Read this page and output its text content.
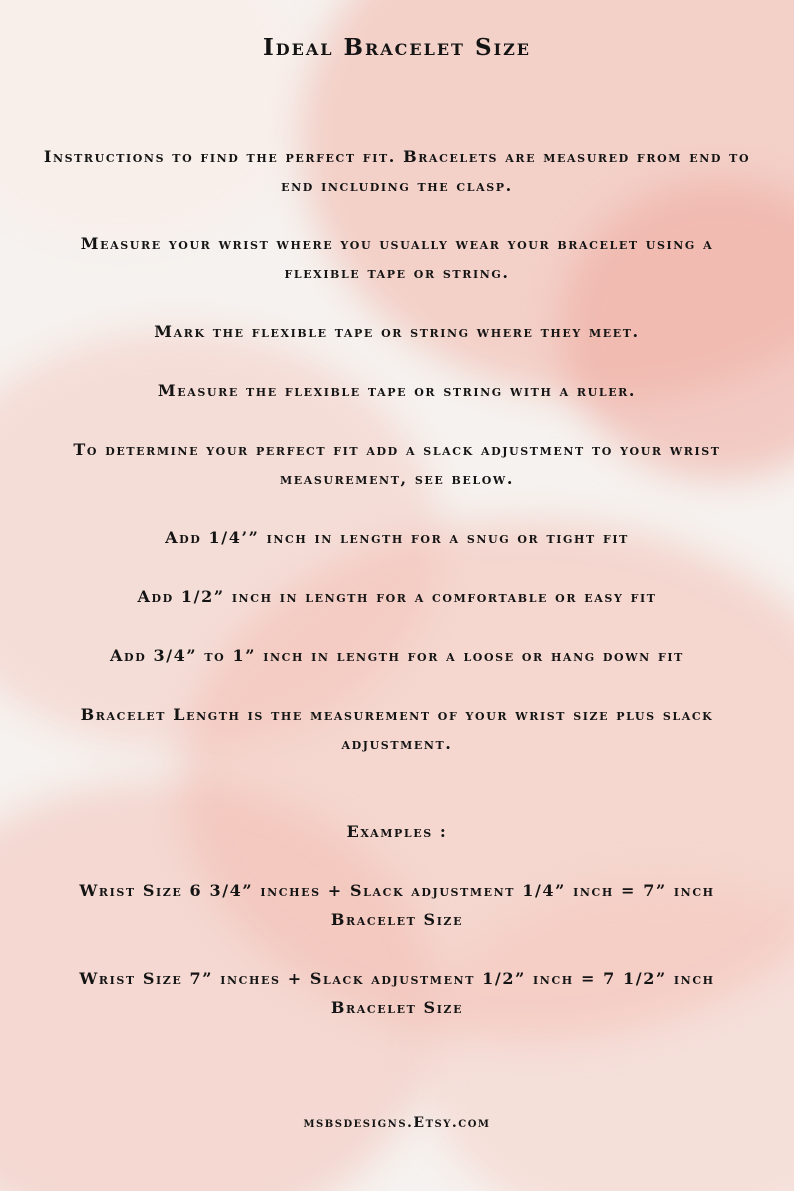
Ideal Bracelet Size

Instructions to find the perfect fit. Bracelets are measured from end to end including the clasp.

Measure your wrist where you usually wear your bracelet using a flexible tape or string.

Mark the flexible tape or string where they meet.

Measure the flexible tape or string with a ruler.

To determine your perfect fit add a slack adjustment to your wrist measurement, see below.

Add 1/4’” inch in length for a snug or tight fit

Add 1/2” inch in length for a comfortable or easy fit

Add 3/4” to 1” inch in length for a loose or hang down fit

Bracelet Length is the measurement of your wrist size plus slack adjustment.

Examples :

Wrist Size 6 3/4” inches + Slack adjustment 1/4” inch = 7” inch Bracelet Size

Wrist Size 7” inches + Slack adjustment 1/2” inch = 7 1/2” inch Bracelet Size

msbsdesigns.Etsy.com
